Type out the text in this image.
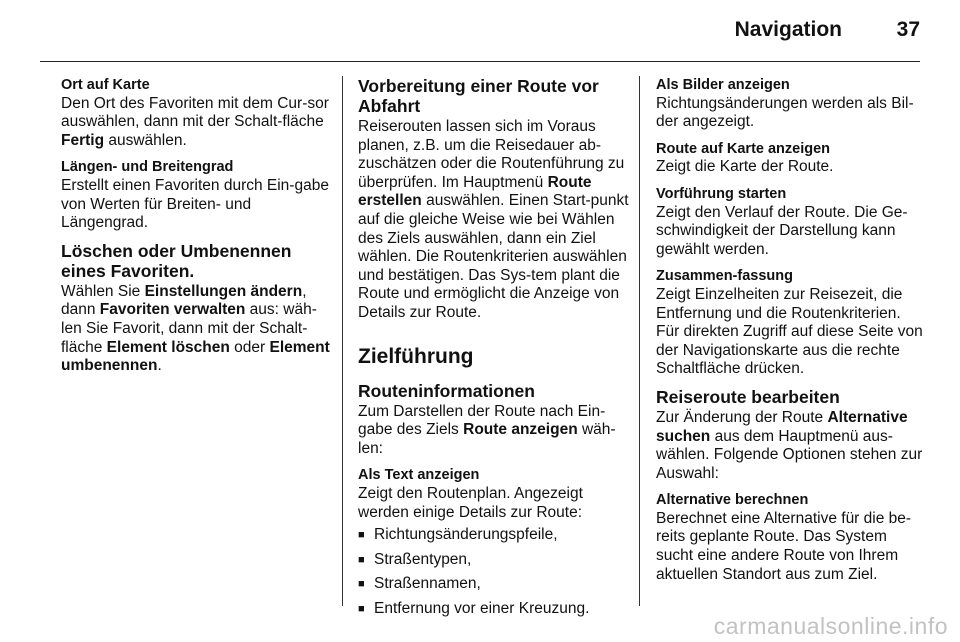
Navigation	37
Ort auf Karte

Den Ort des Favoriten mit dem Cur-sor auswählen, dann mit der Schalt-fläche Fertig auswählen.

Längen- und Breitengrad

Erstellt einen Favoriten durch Ein-gabe von Werten für Breiten- und Längengrad.

Löschen oder Umbenennen eines Favoriten.

Wählen Sie Einstellungen ändern, dann Favoriten verwalten aus: wäh-len Sie Favorit, dann mit der Schalt-fläche Element löschen oder Element umbenennen.

Vorbereitung einer Route vor Abfahrt

Reiserouten lassen sich im Voraus planen, z.B. um die Reisedauer ab-zuschätzen oder die Routenführung zu überprüfen. Im Hauptmenü Route erstellen auswählen. Einen Start-punkt auf die gleiche Weise wie bei Wählen des Ziels auswählen, dann ein Ziel wählen. Die Routenkriterien auswählen und bestätigen. Das Sys-tem plant die Route und ermöglicht die Anzeige von Details zur Route.

Zielführung
Routeninformationen

Zum Darstellen der Route nach Ein-gabe des Ziels Route anzeigen wäh-len:

Als Text anzeigen

Zeigt den Routenplan. Angezeigt werden einige Details zur Route:

■ Richtungsänderungspfeile,
■ Straßentypen,
■ Straßennamen,
■ Entfernung vor einer Kreuzung.
Als Bilder anzeigen

Richtungsänderungen werden als Bil-der angezeigt.

Route auf Karte anzeigen

Zeigt die Karte der Route.

Vorführung starten

Zeigt den Verlauf der Route. Die Ge-schwindigkeit der Darstellung kann gewählt werden.

Zusammen-fassung

Zeigt Einzelheiten zur Reisezeit, die Entfernung und die Routenkriterien. Für direkten Zugriff auf diese Seite von der Navigationskarte aus die rechte Schaltfläche drücken.

Reiseroute bearbeiten

Zur Änderung der Route Alternative suchen aus dem Hauptmenü aus-wählen. Folgende Optionen stehen zur Auswahl:

Alternative berechnen

Berechnet eine Alternative für die be-reits geplante Route. Das System sucht eine andere Route von Ihrem aktuellen Standort aus zum Ziel.

carmanualsonline.info
